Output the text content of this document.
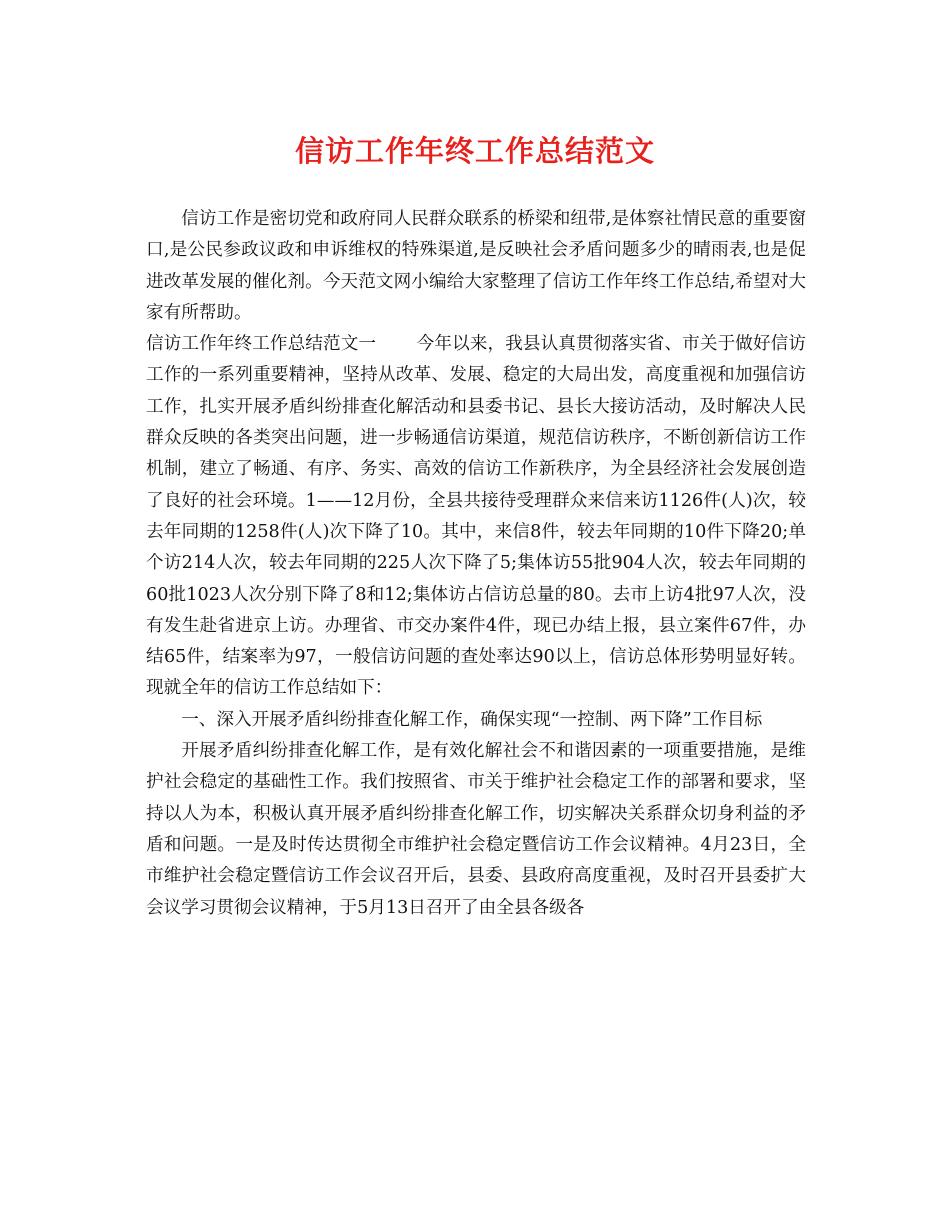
信访工作年终工作总结范文

信访工作是密切党和政府同人民群众联系的桥梁和纽带,是体察社情民意的重要窗口,是公民参政议政和申诉维权的特殊渠道,是反映社会矛盾问题多少的晴雨表,也是促进改革发展的催化剂。今天范文网小编给大家整理了信访工作年终工作总结,希望对大家有所帮助。

信访工作年终工作总结范文一 今年以来，我县认真贯彻落实省、市关于做好信访工作的一系列重要精神，坚持从改革、发展、稳定的大局出发，高度重视和加强信访工作，扎实开展矛盾纠纷排查化解活动和县委书记、县长大接访活动，及时解决人民群众反映的各类突出问题，进一步畅通信访渠道，规范信访秩序，不断创新信访工作机制，建立了畅通、有序、务实、高效的信访工作新秩序，为全县经济社会发展创造了良好的社会环境。1——12月份，全县共接待受理群众来信来访1126件(人)次，较去年同期的1258件(人)次下降了10。其中，来信8件，较去年同期的10件下降20;单个访214人次，较去年同期的225人次下降了5;集体访55批904人次，较去年同期的60批1023人次分别下降了8和12;集体访占信访总量的80。去市上访4批97人次，没有发生赴省进京上访。办理省、市交办案件4件，现已办结上报，县立案件67件，办结65件，结案率为97，一般信访问题的查处率达90以上，信访总体形势明显好转。现就全年的信访工作总结如下：

一、深入开展矛盾纠纷排查化解工作，确保实现“一控制、两下降”工作目标

开展矛盾纠纷排查化解工作，是有效化解社会不和谐因素的一项重要措施，是维护社会稳定的基础性工作。我们按照省、市关于维护社会稳定工作的部署和要求，坚持以人为本，积极认真开展矛盾纠纷排查化解工作，切实解决关系群众切身利益的矛盾和问题。一是及时传达贯彻全市维护社会稳定暨信访工作会议精神。4月23日，全市维护社会稳定暨信访工作会议召开后，县委、县政府高度重视，及时召开县委扩大会议学习贯彻会议精神，于5月13日召开了由全县各级各
